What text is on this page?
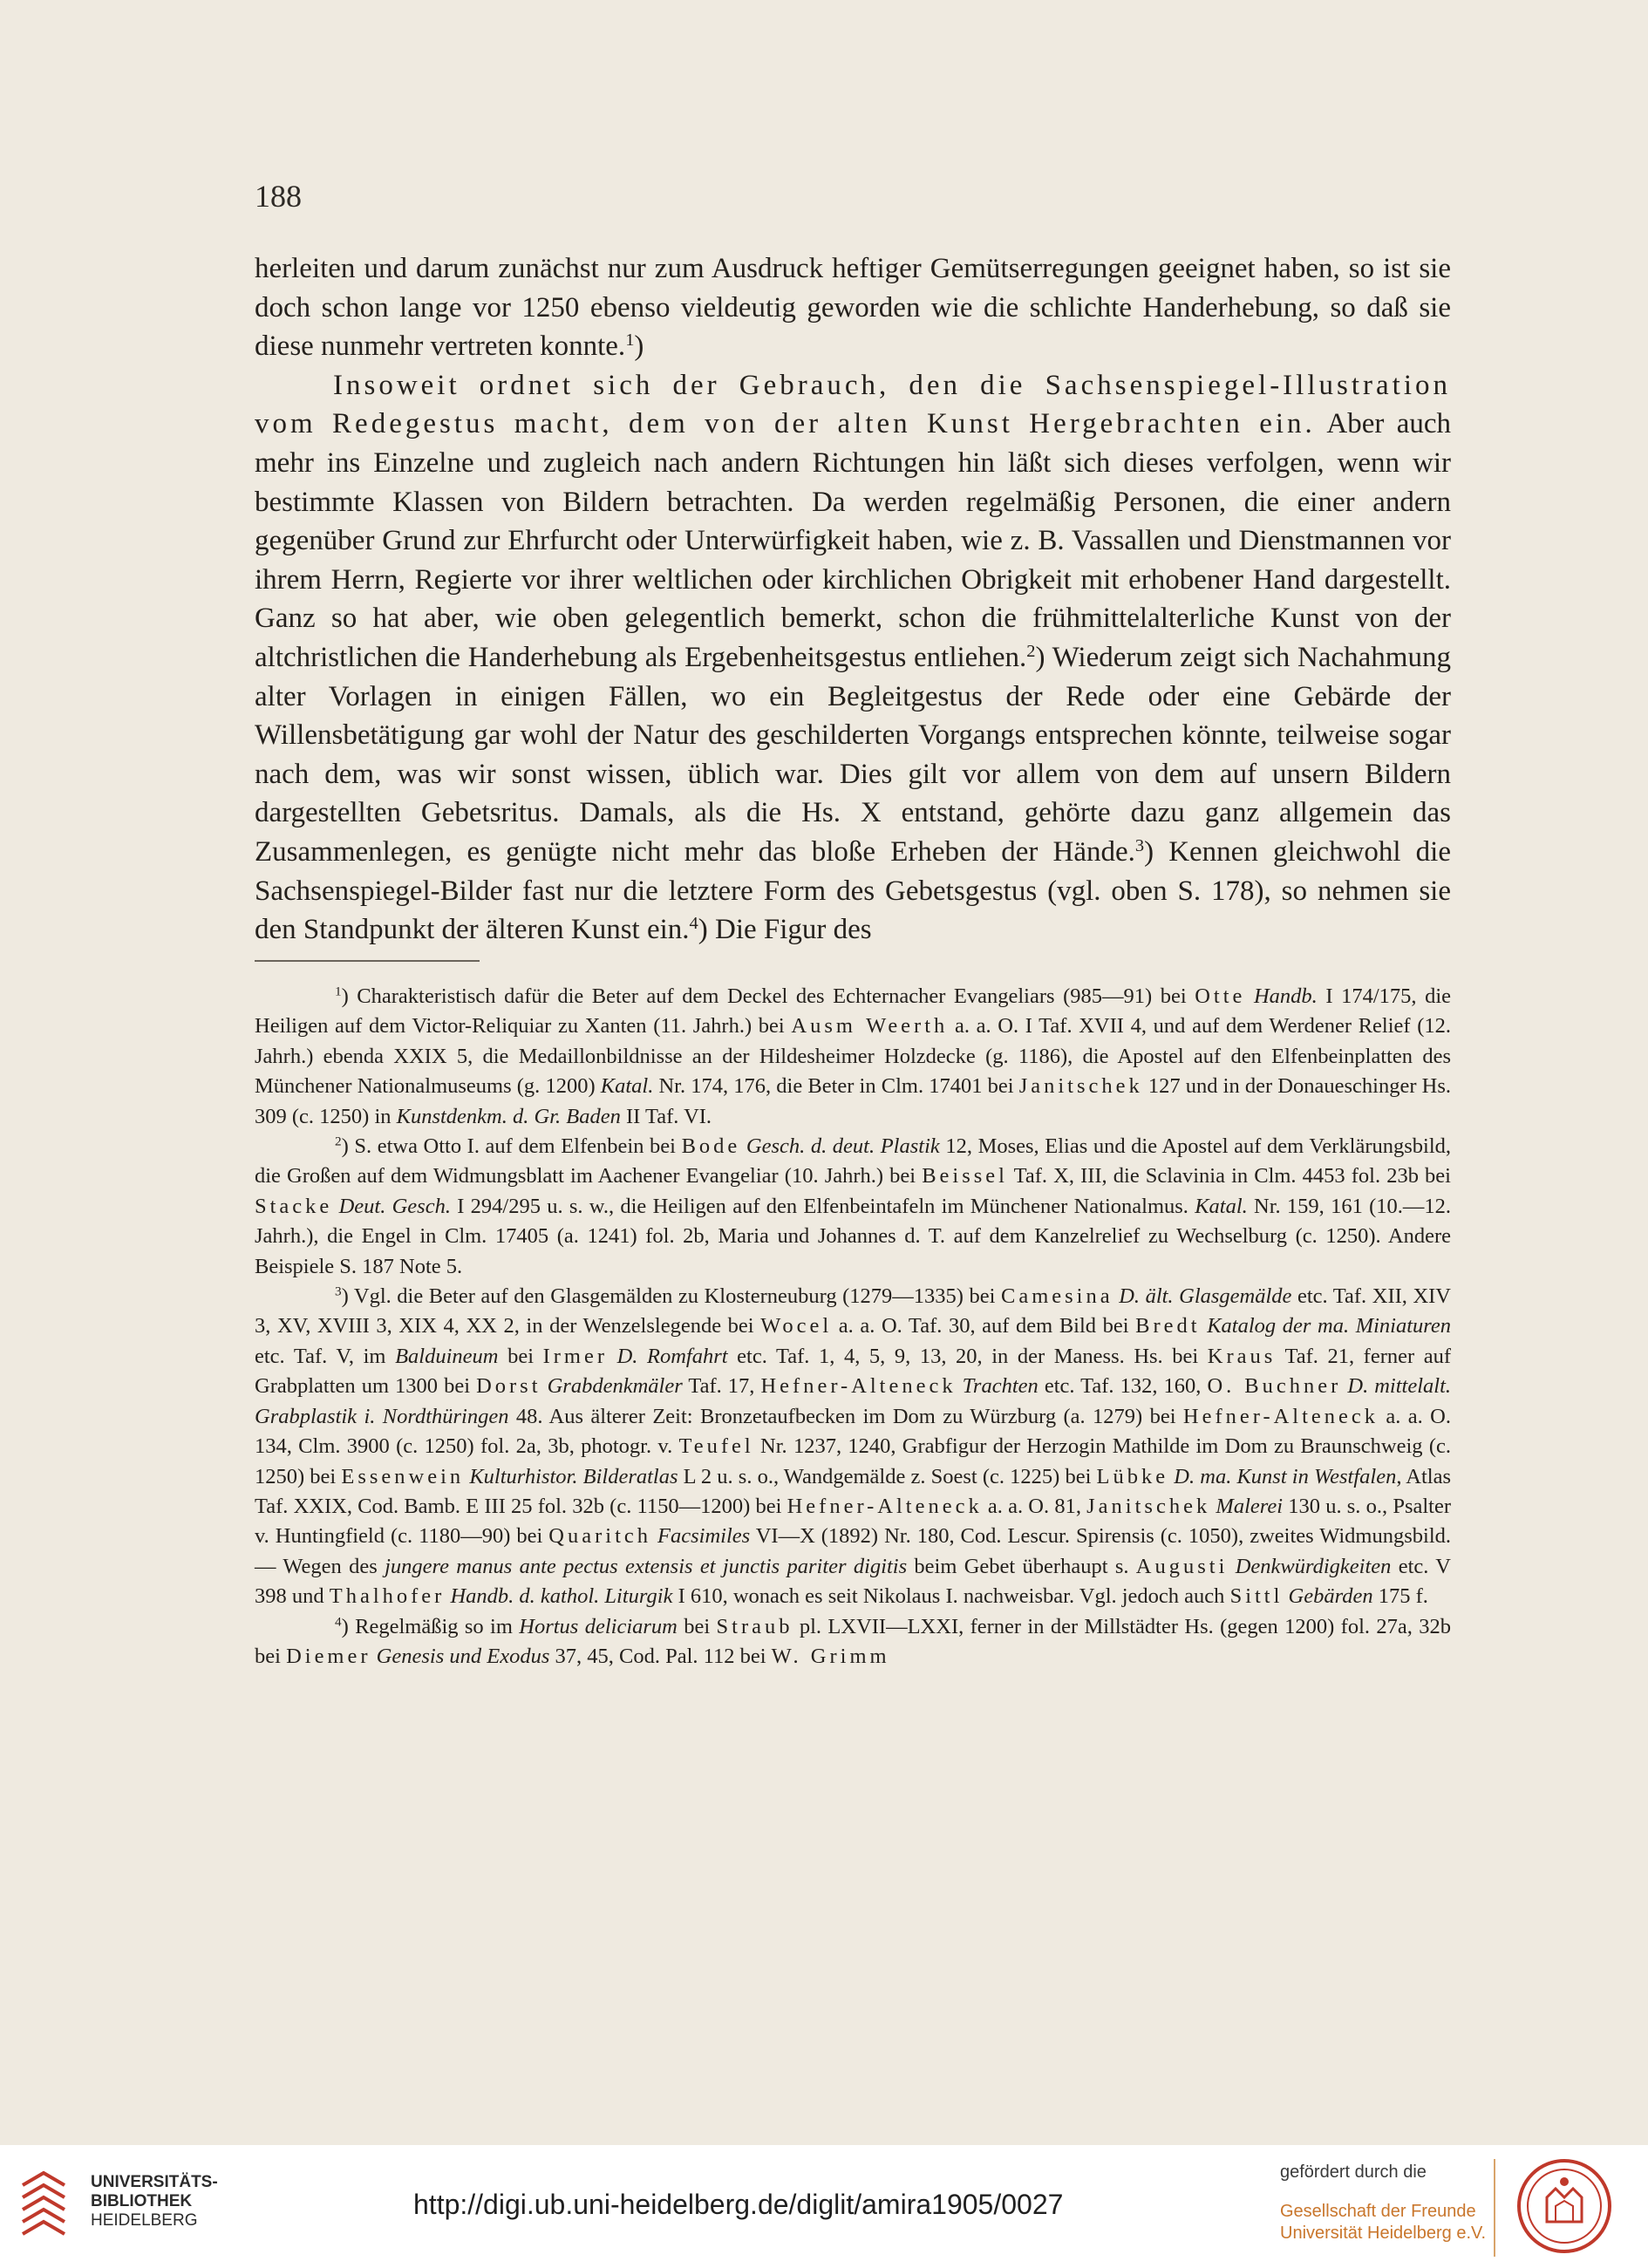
188

herleiten und darum zunächst nur zum Ausdruck heftiger Gemütserregungen geeignet haben, so ist sie doch schon lange vor 1250 ebenso vieldeutig geworden wie die schlichte Handerhebung, so daß sie diese nunmehr vertreten konnte.$^1$)

Insoweit ordnet sich der Gebrauch, den die Sachsenspiegel-Illustration vom Redegestus macht, dem von der alten Kunst Hergebrachten ein. Aber auch mehr ins Einzelne und zugleich nach andern Richtungen hin läßt sich dieses verfolgen, wenn wir bestimmte Klassen von Bildern betrachten. Da werden regelmäßig Personen, die einer andern gegenüber Grund zur Ehrfurcht oder Unterwürfigkeit haben, wie z. B. Vassallen und Dienstmannen vor ihrem Herrn, Regierte vor ihrer weltlichen oder kirchlichen Obrigkeit mit erhobener Hand dargestellt. Ganz so hat aber, wie oben gelegentlich bemerkt, schon die frühmittelalterliche Kunst von der altchristlichen die Handerhebung als Ergebenheitsgestus entliehen.$^2$) Wiederum zeigt sich Nachahmung alter Vorlagen in einigen Fällen, wo ein Begleitgestus der Rede oder eine Gebärde der Willensbetätigung gar wohl der Natur des geschilderten Vorgangs entsprechen könnte, teilweise sogar nach dem, was wir sonst wissen, üblich war. Dies gilt vor allem von dem auf unsern Bildern dargestellten Gebetsritus. Damals, als die Hs. X entstand, gehörte dazu ganz allgemein das Zusammenlegen, es genügte nicht mehr das bloße Erheben der Hände.$^3$) Kennen gleichwohl die Sachsenspiegel-Bilder fast nur die letztere Form des Gebetsgestus (vgl. oben S. 178), so nehmen sie den Standpunkt der älteren Kunst ein.$^4$) Die Figur des

$^1$) Charakteristisch dafür die Beter auf dem Deckel des Echternacher Evangeliars (985—91) bei Otte Handb. I 174/175, die Heiligen auf dem Victor-Reliquiar zu Xanten (11. Jahrh.) bei Ausm Weerth a. a. O. I Taf. XVII 4, und auf dem Werdener Relief (12. Jahrh.) ebenda XXIX 5, die Medaillonbildnisse an der Hildesheimer Holzdecke (g. 1186), die Apostel auf den Elfenbeinplatten des Münchener Nationalmuseums (g. 1200) Katal. Nr. 174, 176, die Beter in Clm. 17401 bei Janitschek 127 und in der Donaueschinger Hs. 309 (c. 1250) in Kunstdenkm. d. Gr. Baden II Taf. VI.

$^2$) S. etwa Otto I. auf dem Elfenbein bei Bode Gesch. d. deut. Plastik 12, Moses, Elias und die Apostel auf dem Verklärungsbild, die Großen auf dem Widmungsblatt im Aachener Evangeliar (10. Jahrh.) bei Beissel Taf. X, III, die Sclavinia in Clm. 4453 fol. 23b bei Stacke Deut. Gesch. I 294/295 u. s. w., die Heiligen auf den Elfenbeintafeln im Münchener Nationalmus. Katal. Nr. 159, 161 (10.—12. Jahrh.), die Engel in Clm. 17405 (a. 1241) fol. 2b, Maria und Johannes d. T. auf dem Kanzelrelief zu Wechselburg (c. 1250). Andere Beispiele S. 187 Note 5.

$^3$) Vgl. die Beter auf den Glasgemälden zu Klosterneuburg (1279—1335) bei Camesina D. ält. Glasgemälde etc. Taf. XII, XIV 3, XV, XVIII 3, XIX 4, XX 2, in der Wenzelslegende bei Wocel a. a. O. Taf. 30, auf dem Bild bei Bredt Katalog der ma. Miniaturen etc. Taf. V, im Balduineum bei Irmer D. Romfahrt etc. Taf. 1, 4, 5, 9, 13, 20, in der Maness. Hs. bei Kraus Taf. 21, ferner auf Grabplatten um 1300 bei Dorst Grabdenkmäler Taf. 17, Hefner-Alteneck Trachten etc. Taf. 132, 160, O. Buchner D. mittelalt. Grabplastik i. Nordthüringen 48. Aus älterer Zeit: Bronzetaufbecken im Dom zu Würzburg (a. 1279) bei Hefner-Alteneck a. a. O. 134, Clm. 3900 (c. 1250) fol. 2a, 3b, photogr. v. Teufel Nr. 1237, 1240, Grabfigur der Herzogin Mathilde im Dom zu Braunschweig (c. 1250) bei Essenwein Kulturhistor. Bilderatlas L 2 u. s. o., Wandgemälde z. Soest (c. 1225) bei Lübke D. ma. Kunst in Westfalen, Atlas Taf. XXIX, Cod. Bamb. E III 25 fol. 32b (c. 1150—1200) bei Hefner-Alteneck a. a. O. 81, Janitschek Malerei 130 u. s. o., Psalter v. Huntingfield (c. 1180—90) bei Quaritch Facsimiles VI—X (1892) Nr. 180, Cod. Lescur. Spirensis (c. 1050), zweites Widmungsbild. — Wegen des jungere manus ante pectus extensis et junctis pariter digitis beim Gebet überhaupt s. Augusti Denkwürdigkeiten etc. V 398 und Thalhofer Handb. d. kathol. Liturgik I 610, wonach es seit Nikolaus I. nachweisbar. Vgl. jedoch auch Sittl Gebärden 175 f.

$^4$) Regelmäßig so im Hortus deliciarum bei Straub pl. LXVII—LXXI, ferner in der Millstädter Hs. (gegen 1200) fol. 27a, 32b bei Diemer Genesis und Exodus 37, 45, Cod. Pal. 112 bei W. Grimm

UNIVERSITÄTS-
BIBLIOTHEK
HEIDELBERG
http://digi.ub.uni-heidelberg.de/diglit/amira1905/0027
gefördert durch die
Gesellschaft der Freunde
Universität Heidelberg e.V.
